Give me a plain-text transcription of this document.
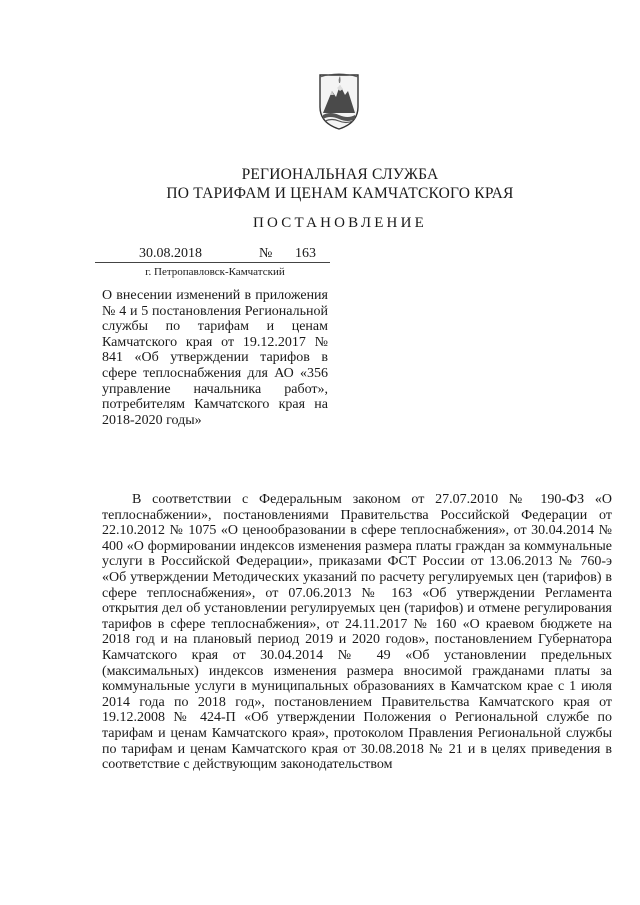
РЕГИОНАЛЬНАЯ СЛУЖБА
ПО ТАРИФАМ И ЦЕНАМ КАМЧАТСКОГО КРАЯ
ПОСТАНОВЛЕНИЕ
30.08.2018	№ 163
г. Петропавловск-Камчатский
О внесении изменений в приложения № 4 и 5 постановления Региональной службы по тарифам и ценам Камчатского края от 19.12.2017 № 841 «Об утверждении тарифов в сфере теплоснабжения для АО «356 управление начальника работ», потребителям Камчатского края на 2018-2020 годы»

В соответствии с Федеральным законом от 27.07.2010 № 190-ФЗ «О теплоснабжении», постановлениями Правительства Российской Федерации от 22.10.2012 № 1075 «О ценообразовании в сфере теплоснабжения», от 30.04.2014 № 400 «О формировании индексов изменения размера платы граждан за коммунальные услуги в Российской Федерации», приказами ФСТ России от 13.06.2013 № 760-э «Об утверждении Методических указаний по расчету регулируемых цен (тарифов) в сфере теплоснабжения», от 07.06.2013 № 163 «Об утверждении Регламента открытия дел об установлении регулируемых цен (тарифов) и отмене регулирования тарифов в сфере теплоснабжения», от 24.11.2017 № 160 «О краевом бюджете на 2018 год и на плановый период 2019 и 2020 годов», постановлением Губернатора Камчатского края от 30.04.2014 № 49 «Об установлении предельных (максимальных) индексов изменения размера вносимой гражданами платы за коммунальные услуги в муниципальных образованиях в Камчатском крае с 1 июля 2014 года по 2018 год», постановлением Правительства Камчатского края от 19.12.2008 № 424-П «Об утверждении Положения о Региональной службе по тарифам и ценам Камчатского края», протоколом Правления Региональной службы по тарифам и ценам Камчатского края от 30.08.2018 № 21 и в целях приведения в соответствие с действующим законодательством
